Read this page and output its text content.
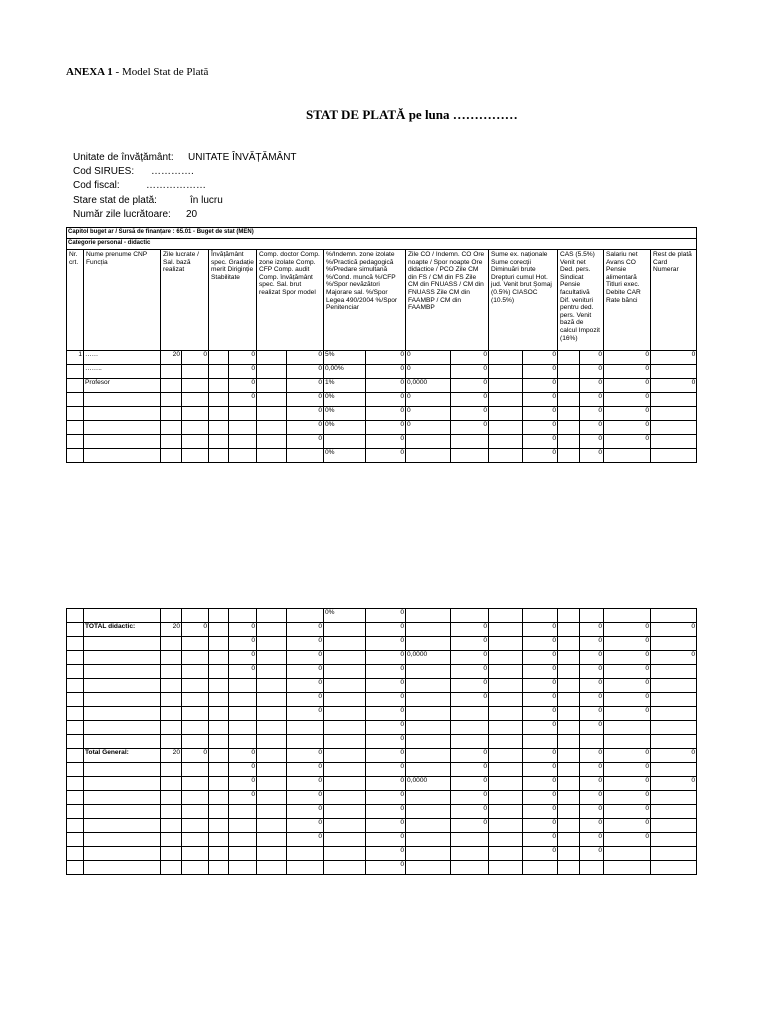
ANEXA 1 - Model Stat de Plată
STAT DE PLATĂ pe luna ……………
Unitate de învățământ: UNITATE ÎNVĂȚĂMÂNT
Cod SIRUES: ………….
Cod fiscal:	………………
Stare stat de plată:	în lucru
Număr zile lucrătoare: 20
Capitol buget ar / Sursă de finanțare : 65.01 - Buget de stat (MEN)																	
Categorie personal - didactic																	
Nr. crt.	Nume prenume CNP Funcția	Zile lucrate / Sal. bază realizat		Învățământ spec. Gradație merit Diriginție Stabilitate		Comp. doctor Comp. zone izolate Comp. CFP Comp. audit Comp. învățământ spec. Sal. brut realizat Spor model		%/Indemn. zone izolate %/Practică pedagogică %/Predare simultană %/Cond. muncă %/CFP %/Spor nevăzători Majorare sal. %/Spor Legea 490/2004 %/Spor Penitenciar		Zile CO / Indemn. CO Ore noapte / Spor noapte Ore didactice / PCO Zile CM din FS / CM din FS Zile CM din FNUASS / CM din FNUASS Zile CM din FAAMBP / CM din FAAMBP		Sume ex. naționale Sume corecții Diminuări brute Drepturi cumul Hot. jud. Venit brut Șomaj (0.5%) CIASOC (10.5%)		CAS (5.5%) Venit net Ded. pers. Sindicat Pensie facultativă Dif. venituri pentru ded. pers. Venit bază de calcul Impozit (16%)		Salariu net Avans CO Pensie alimentară Titluri exec. Debite CAR Rate bănci	Rest de plată Card Numerar
1	……	20	0		0		0	5%	0	0	0		0		0	0	0
	……..				0		0	0,00%	0	0	0		0		0	0	
	Profesor				0		0	1%	0	0,0000	0		0		0	0	0
					0		0	0%	0	0	0		0		0	0	
							0	0%	0	0	0		0		0	0	
							0	0%	0	0	0		0		0	0	
							0		0				0		0	0	
								0%	0				0		0		
								0%	0								
	TOTAL didactic:	20	0		0		0		0		0		0		0	0	0
					0		0		0		0		0		0	0	
					0		0		0	0,0000	0		0		0	0	0
					0		0		0		0		0		0	0	
							0		0		0		0		0	0	
							0		0		0		0		0	0	
							0		0				0		0	0	
									0				0		0		
									0								
	Total General:	20	0		0		0		0		0		0		0	0	0
					0		0		0		0		0		0	0	
					0		0		0	0,0000	0		0		0	0	0
					0		0		0		0		0		0	0	
							0		0		0		0		0	0	
							0		0		0		0		0	0	
							0		0				0		0	0	
									0				0		0		
									0								
